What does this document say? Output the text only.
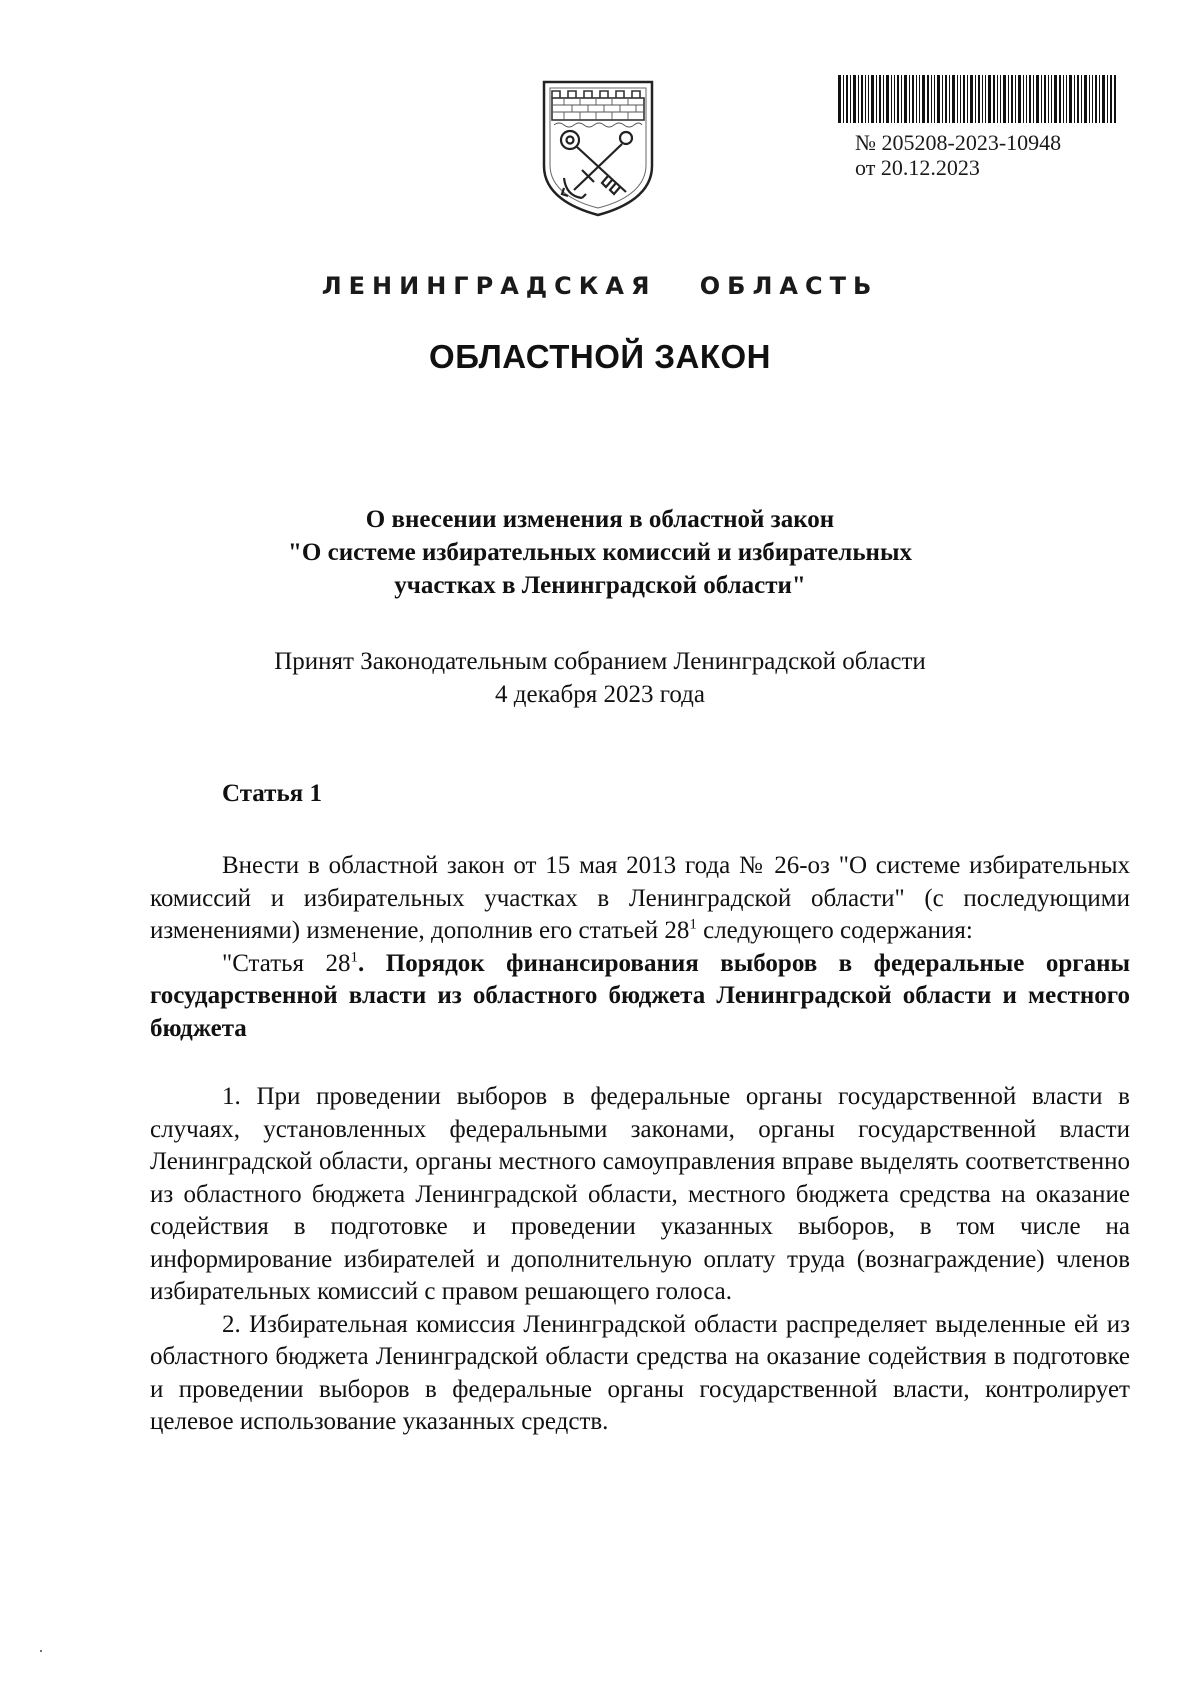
№ 205208-2023-10948
от 20.12.2023
ЛЕНИНГРАДСКАЯ ОБЛАСТЬ
ОБЛАСТНОЙ ЗАКОН
О внесении изменения в областной закон
"О системе избирательных комиссий и избирательных
участках в Ленинградской области"
Принят Законодательным собранием Ленинградской области
4 декабря 2023 года
Статья 1

Внести в областной закон от 15 мая 2013 года № 26-оз "О системе избирательных комиссий и избирательных участках в Ленинградской области" (с последующими изменениями) изменение, дополнив его статьей $28^1$ следующего содержания:

"Статья $28^1$. Порядок финансирования выборов в федеральные органы государственной власти из областного бюджета Ленинградской области и местного бюджета

1. При проведении выборов в федеральные органы государственной власти в случаях, установленных федеральными законами, органы государственной власти Ленинградской области, органы местного самоуправления вправе выделять соответственно из областного бюджета Ленинградской области, местного бюджета средства на оказание содействия в подготовке и проведении указанных выборов, в том числе на информирование избирателей и дополнительную оплату труда (вознаграждение) членов избирательных комиссий с правом решающего голоса.

2. Избирательная комиссия Ленинградской области распределяет выделенные ей из областного бюджета Ленинградской области средства на оказание содействия в подготовке и проведении выборов в федеральные органы государственной власти, контролирует целевое использование указанных средств.
